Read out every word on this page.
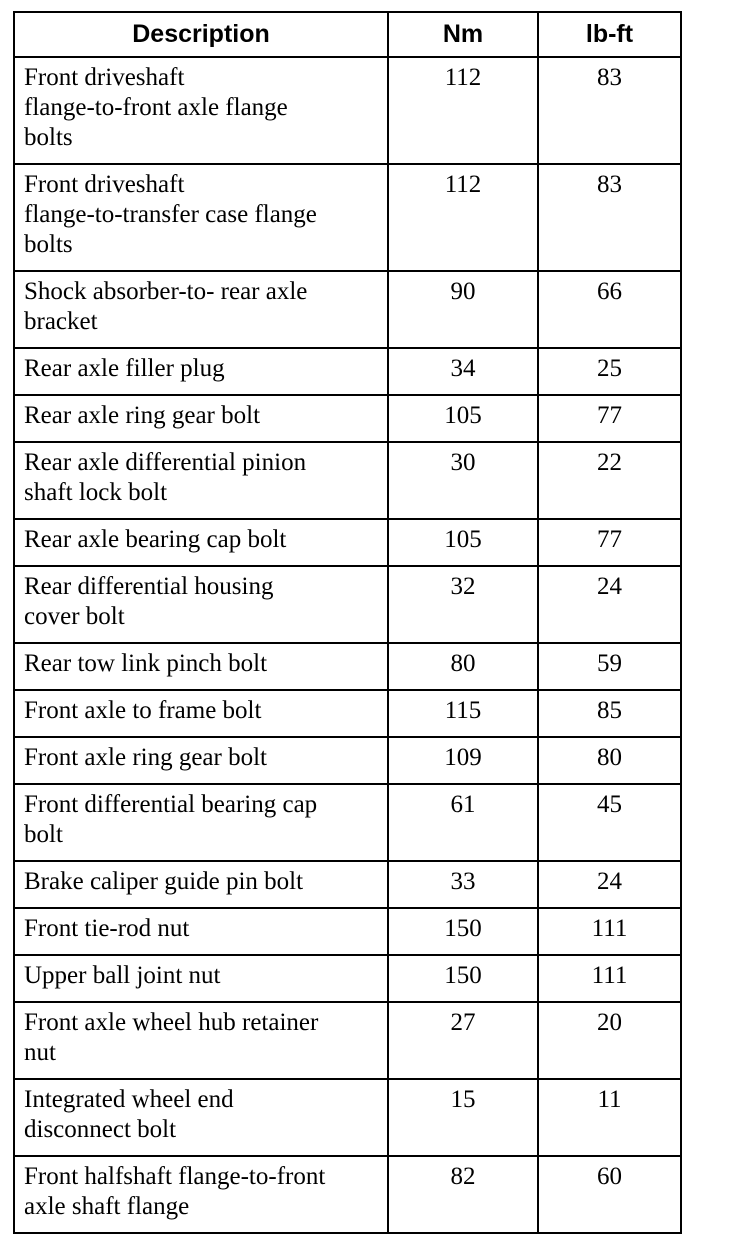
Description	Nm	lb-ft
Front driveshaft
flange-to-front axle flange
bolts	112	83
Front driveshaft
flange-to-transfer case flange
bolts	112	83
Shock absorber-to- rear axle
bracket	90	66
Rear axle filler plug	34	25
Rear axle ring gear bolt	105	77
Rear axle differential pinion
shaft lock bolt	30	22
Rear axle bearing cap bolt	105	77
Rear differential housing
cover bolt	32	24
Rear tow link pinch bolt	80	59
Front axle to frame bolt	115	85
Front axle ring gear bolt	109	80
Front differential bearing cap
bolt	61	45
Brake caliper guide pin bolt	33	24
Front tie-rod nut	150	111
Upper ball joint nut	150	111
Front axle wheel hub retainer
nut	27	20
Integrated wheel end
disconnect bolt	15	11
Front halfshaft flange-to-front
axle shaft flange	82	60
